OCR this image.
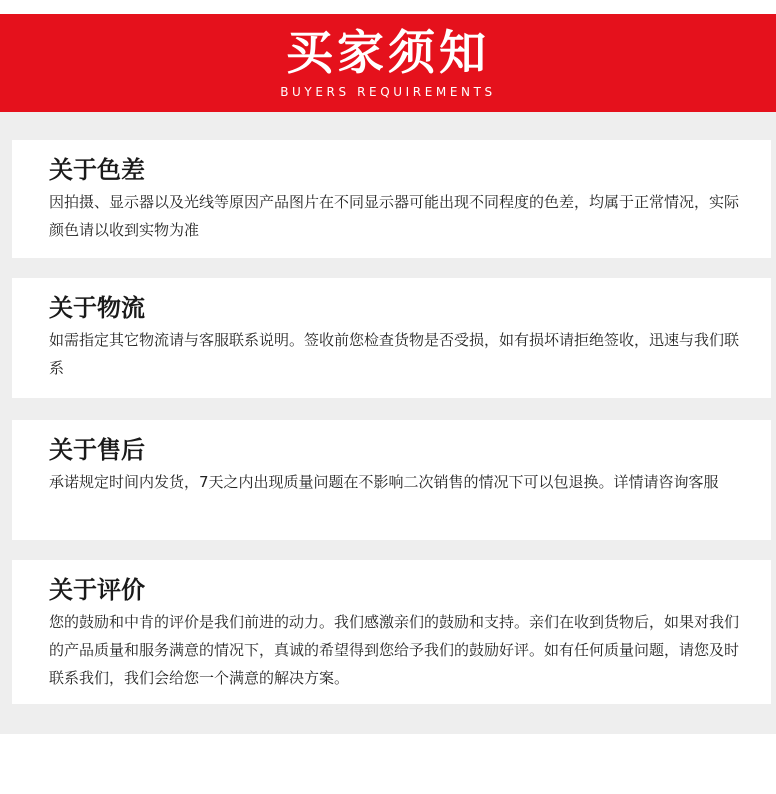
买家须知
BUYERS REQUIREMENTS
关于色差

因拍摄、显示器以及光线等原因产品图片在不同显示器可能出现不同程度的色差，均属于正常情况，实际颜色请以收到实物为准

关于物流

如需指定其它物流请与客服联系说明。签收前您检查货物是否受损，如有损坏请拒绝签收，迅速与我们联系

关于售后

承诺规定时间内发货，7天之内出现质量问题在不影响二次销售的情况下可以包退换。详情请咨询客服

关于评价

您的鼓励和中肯的评价是我们前进的动力。我们感激亲们的鼓励和支持。亲们在收到货物后，如果对我们的产品质量和服务满意的情况下，真诚的希望得到您给予我们的鼓励好评。如有任何质量问题，请您及时联系我们，我们会给您一个满意的解决方案。
